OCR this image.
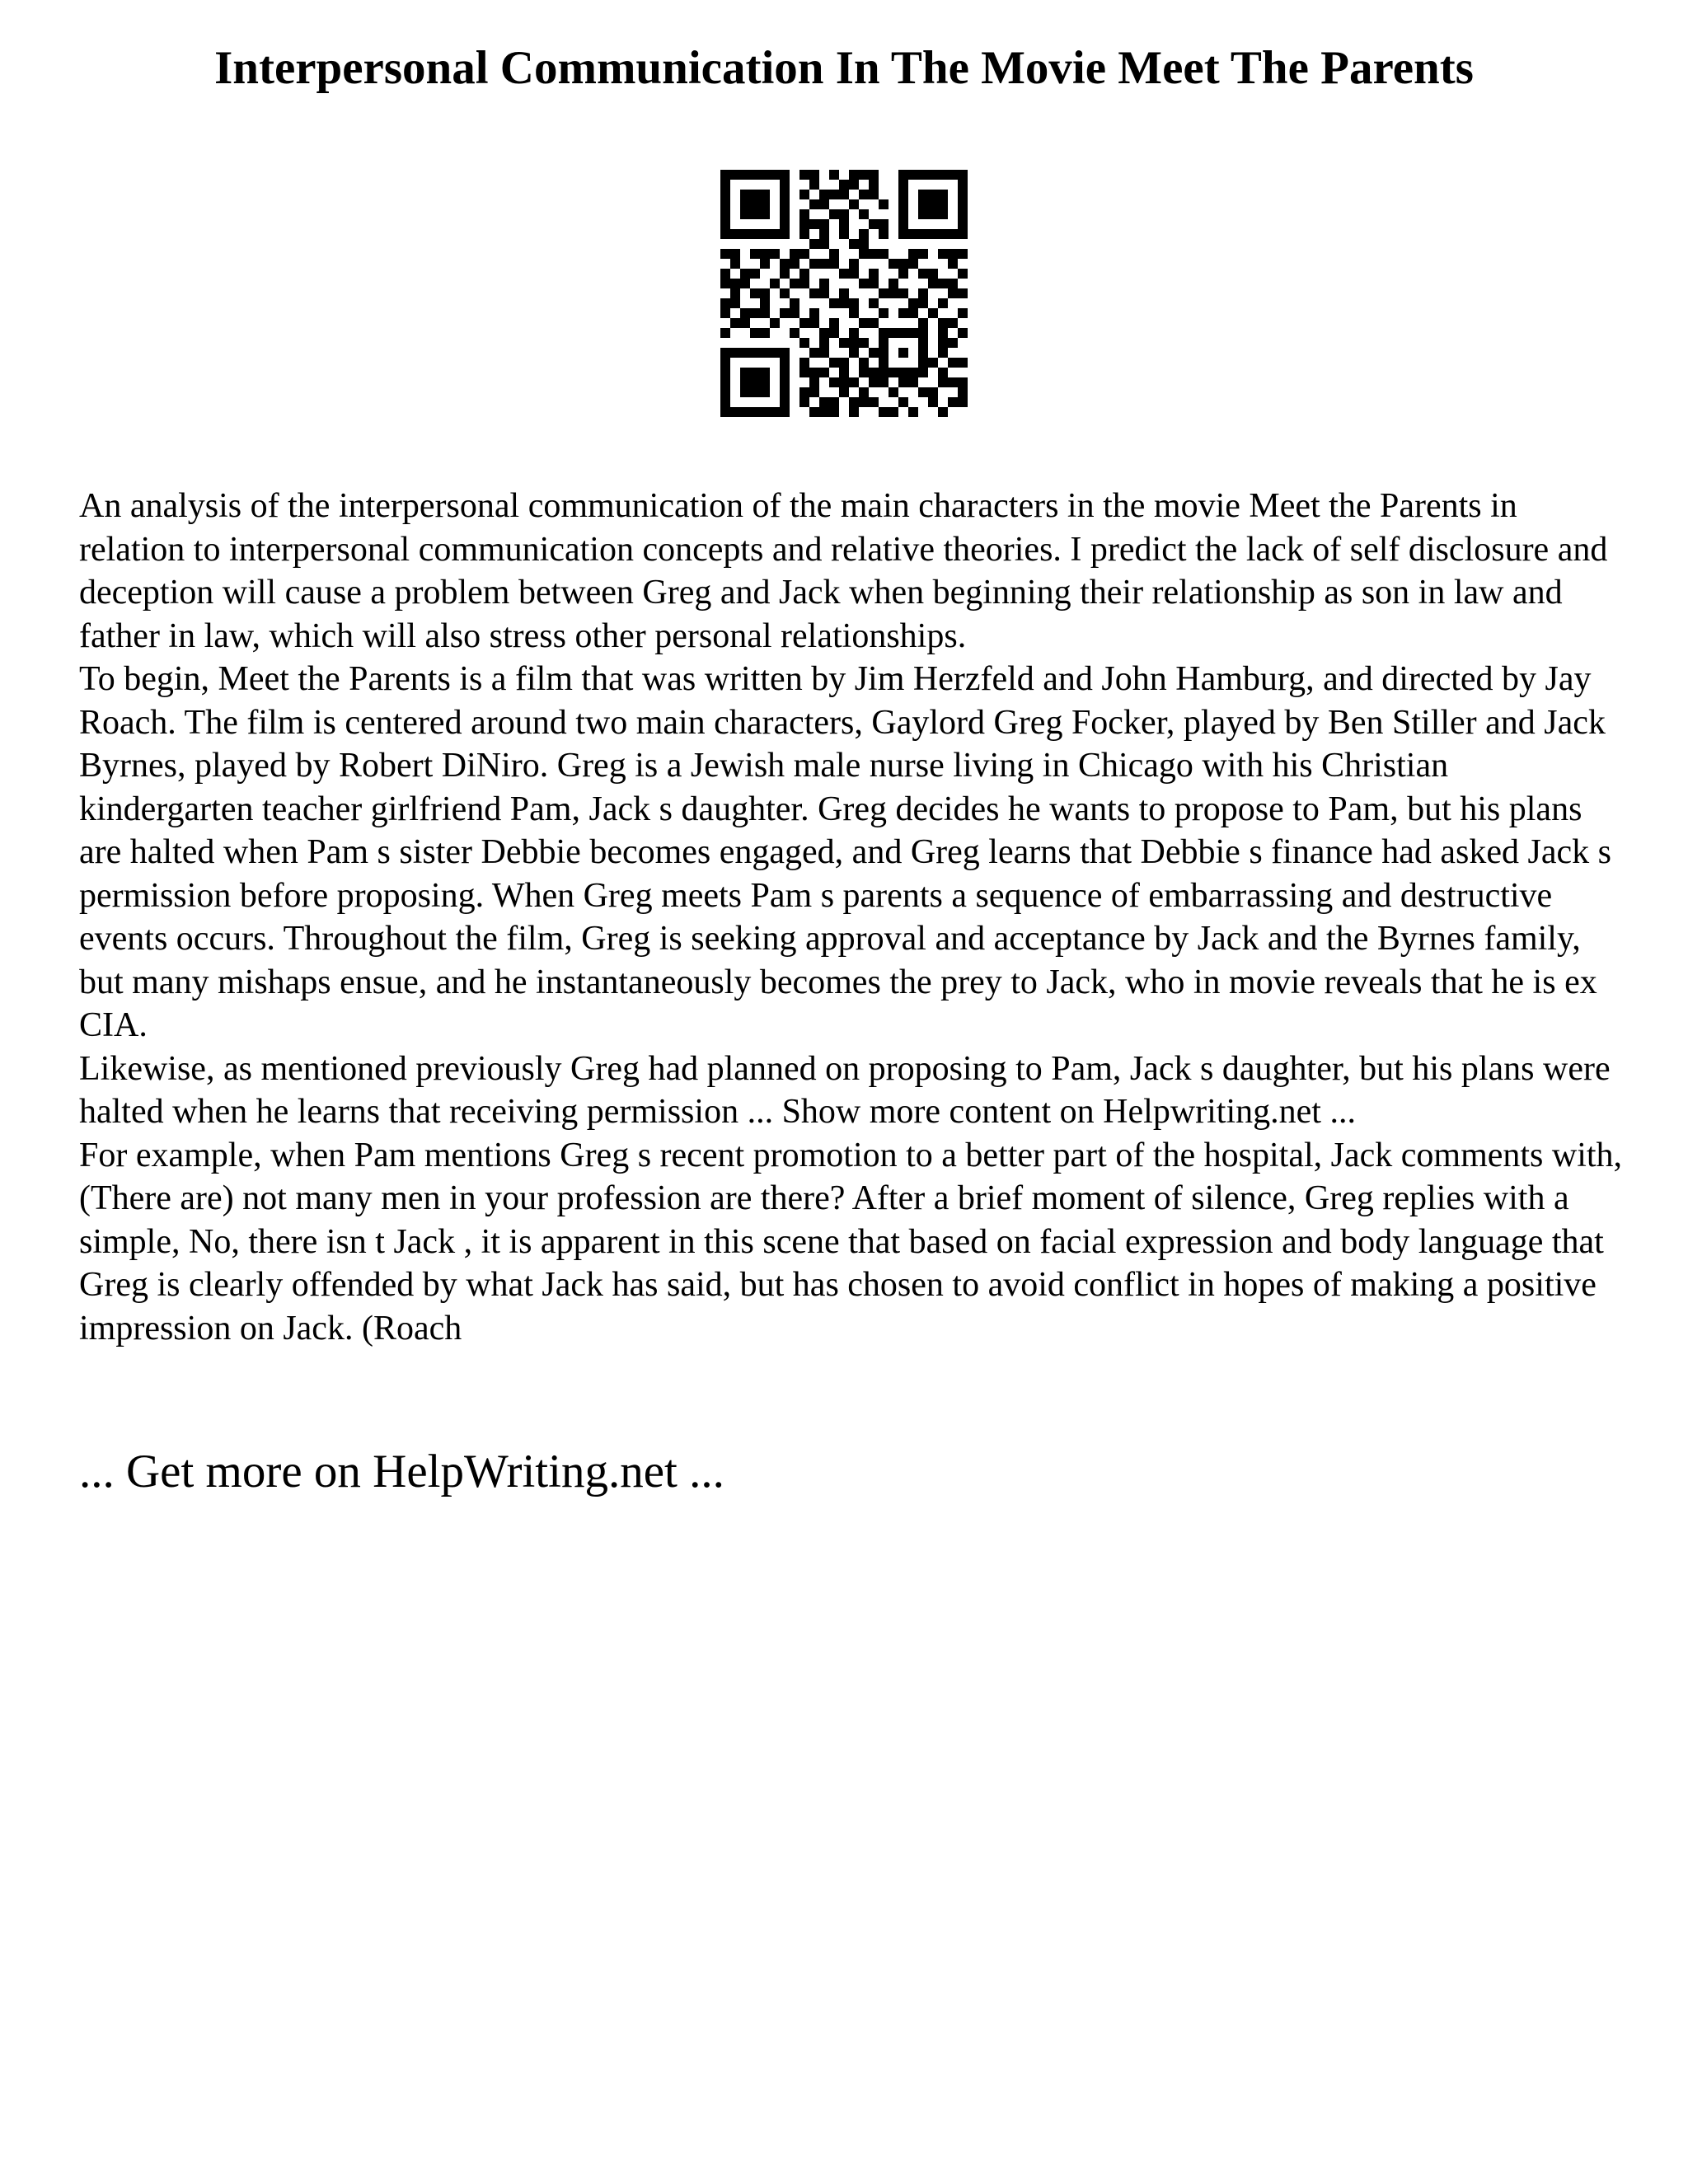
Interpersonal Communication In The Movie Meet The Parents

An analysis of the interpersonal communication of the main characters in the movie Meet the Parents in relation to interpersonal communication concepts and relative theories. I predict the lack of self disclosure and deception will cause a problem between Greg and Jack when beginning their relationship as son in law and father in law, which will also stress other personal relationships.

To begin, Meet the Parents is a film that was written by Jim Herzfeld and John Hamburg, and directed by Jay Roach. The film is centered around two main characters, Gaylord Greg Focker, played by Ben Stiller and Jack Byrnes, played by Robert DiNiro. Greg is a Jewish male nurse living in Chicago with his Christian kindergarten teacher girlfriend Pam, Jack s daughter. Greg decides he wants to propose to Pam, but his plans are halted when Pam s sister Debbie becomes engaged, and Greg learns that Debbie s finance had asked Jack s permission before proposing. When Greg meets Pam s parents a sequence of embarrassing and destructive events occurs. Throughout the film, Greg is seeking approval and acceptance by Jack and the Byrnes family, but many mishaps ensue, and he instantaneously becomes the prey to Jack, who in movie reveals that he is ex CIA.

Likewise, as mentioned previously Greg had planned on proposing to Pam, Jack s daughter, but his plans were halted when he learns that receiving permission ... Show more content on Helpwriting.net ...

For example, when Pam mentions Greg s recent promotion to a better part of the hospital, Jack comments with, (There are) not many men in your profession are there? After a brief moment of silence, Greg replies with a simple, No, there isn t Jack , it is apparent in this scene that based on facial expression and body language that Greg is clearly offended by what Jack has said, but has chosen to avoid conflict in hopes of making a positive impression on Jack. (Roach

... Get more on HelpWriting.net ...
